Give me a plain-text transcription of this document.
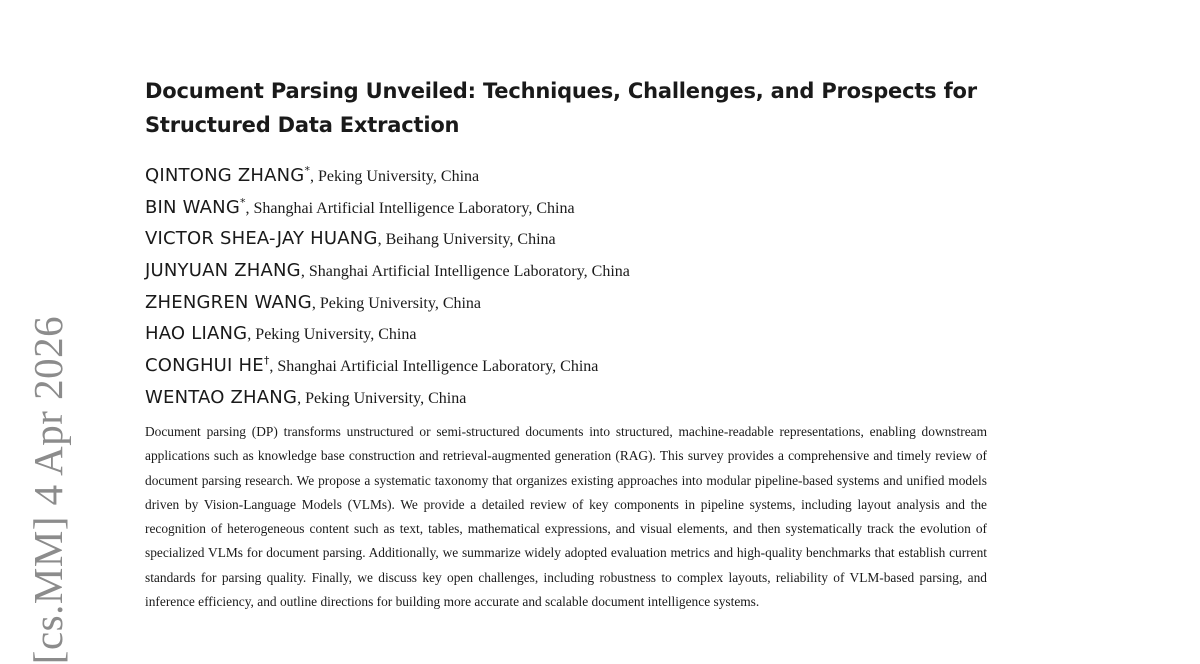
[cs.MM] 4 Apr 2026
Document Parsing Unveiled: Techniques, Challenges, and Prospects for Structured Data Extraction
QINTONG ZHANG*, Peking University, China
BIN WANG*, Shanghai Artificial Intelligence Laboratory, China
VICTOR SHEA-JAY HUANG, Beihang University, China
JUNYUAN ZHANG, Shanghai Artificial Intelligence Laboratory, China
ZHENGREN WANG, Peking University, China
HAO LIANG, Peking University, China
CONGHUI HE†, Shanghai Artificial Intelligence Laboratory, China
WENTAO ZHANG, Peking University, China

Document parsing (DP) transforms unstructured or semi-structured documents into structured, machine-readable representations, enabling downstream applications such as knowledge base construction and retrieval-augmented generation (RAG). This survey provides a comprehensive and timely review of document parsing research. We propose a systematic taxonomy that organizes existing approaches into modular pipeline-based systems and unified models driven by Vision-Language Models (VLMs). We provide a detailed review of key components in pipeline systems, including layout analysis and the recognition of heterogeneous content such as text, tables, mathematical expressions, and visual elements, and then systematically track the evolution of specialized VLMs for document parsing. Additionally, we summarize widely adopted evaluation metrics and high-quality benchmarks that establish current standards for parsing quality. Finally, we discuss key open challenges, including robustness to complex layouts, reliability of VLM-based parsing, and inference efficiency, and outline directions for building more accurate and scalable document intelligence systems.
